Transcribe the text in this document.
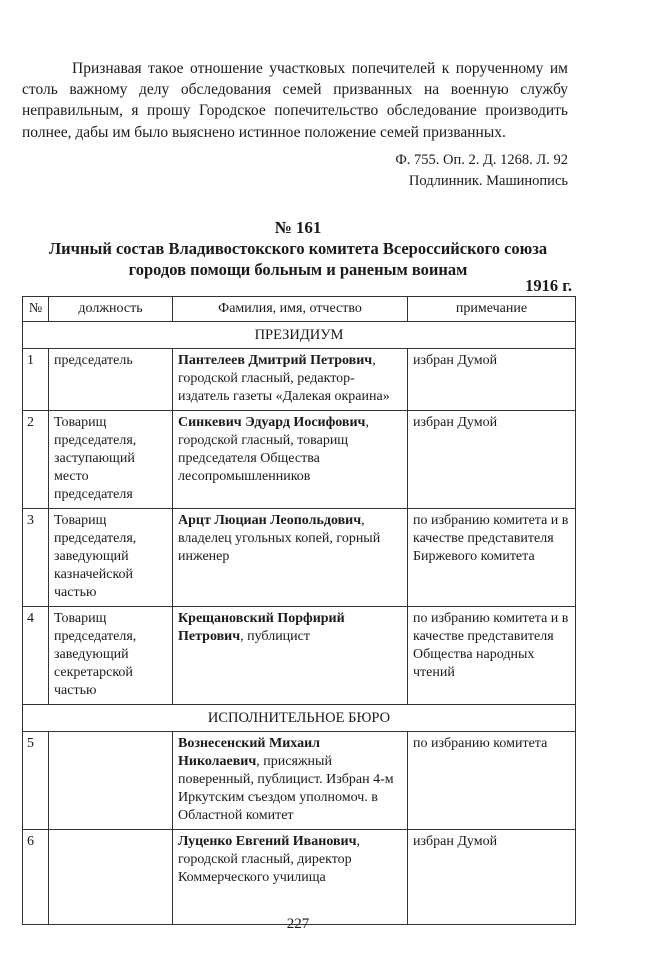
Признавая такое отношение участковых попечителей к порученному им столь важному делу обследования семей призванных на военную службу неправильным, я прошу Городское попечительство обследование производить полнее, дабы им было выяснено истинное положение семей призванных.

Ф. 755. Оп. 2. Д. 1268. Л. 92
Подлинник. Машинопись
№ 161
Личный состав Владивостокского комитета Всероссийского союза городов помощи больным и раненым воинам
1916 г.
№	должность	Фамилия, имя, отчество	примечание
ПРЕЗИДИУМ			
1	председатель	Пантелеев Дмитрий Петрович, городской гласный, редактор-издатель газеты «Далекая окраина»	избран Думой
2	Товарищ председателя, заступающий место председателя	Синкевич Эдуард Иосифович, городской гласный, товарищ председателя Общества лесопромышленников	избран Думой
3	Товарищ председателя, заведующий казначейской частью	Арцт Люциан Леопольдович, владелец угольных копей, горный инженер	по избранию комитета и в качестве представителя Биржевого комитета
4	Товарищ председателя, заведующий секретарской частью	Крещановский Порфирий Петрович, публицист	по избранию комитета и в качестве представителя Общества народных чтений
ИСПОЛНИТЕЛЬНОЕ БЮРО			
5		Вознесенский Михаил Николаевич, присяжный поверенный, публицист. Избран 4-м Иркутским съездом уполномоч. в Областной комитет	по избранию комитета
6		Луценко Евгений Иванович, городской гласный, директор Коммерческого училища	избран Думой
227
